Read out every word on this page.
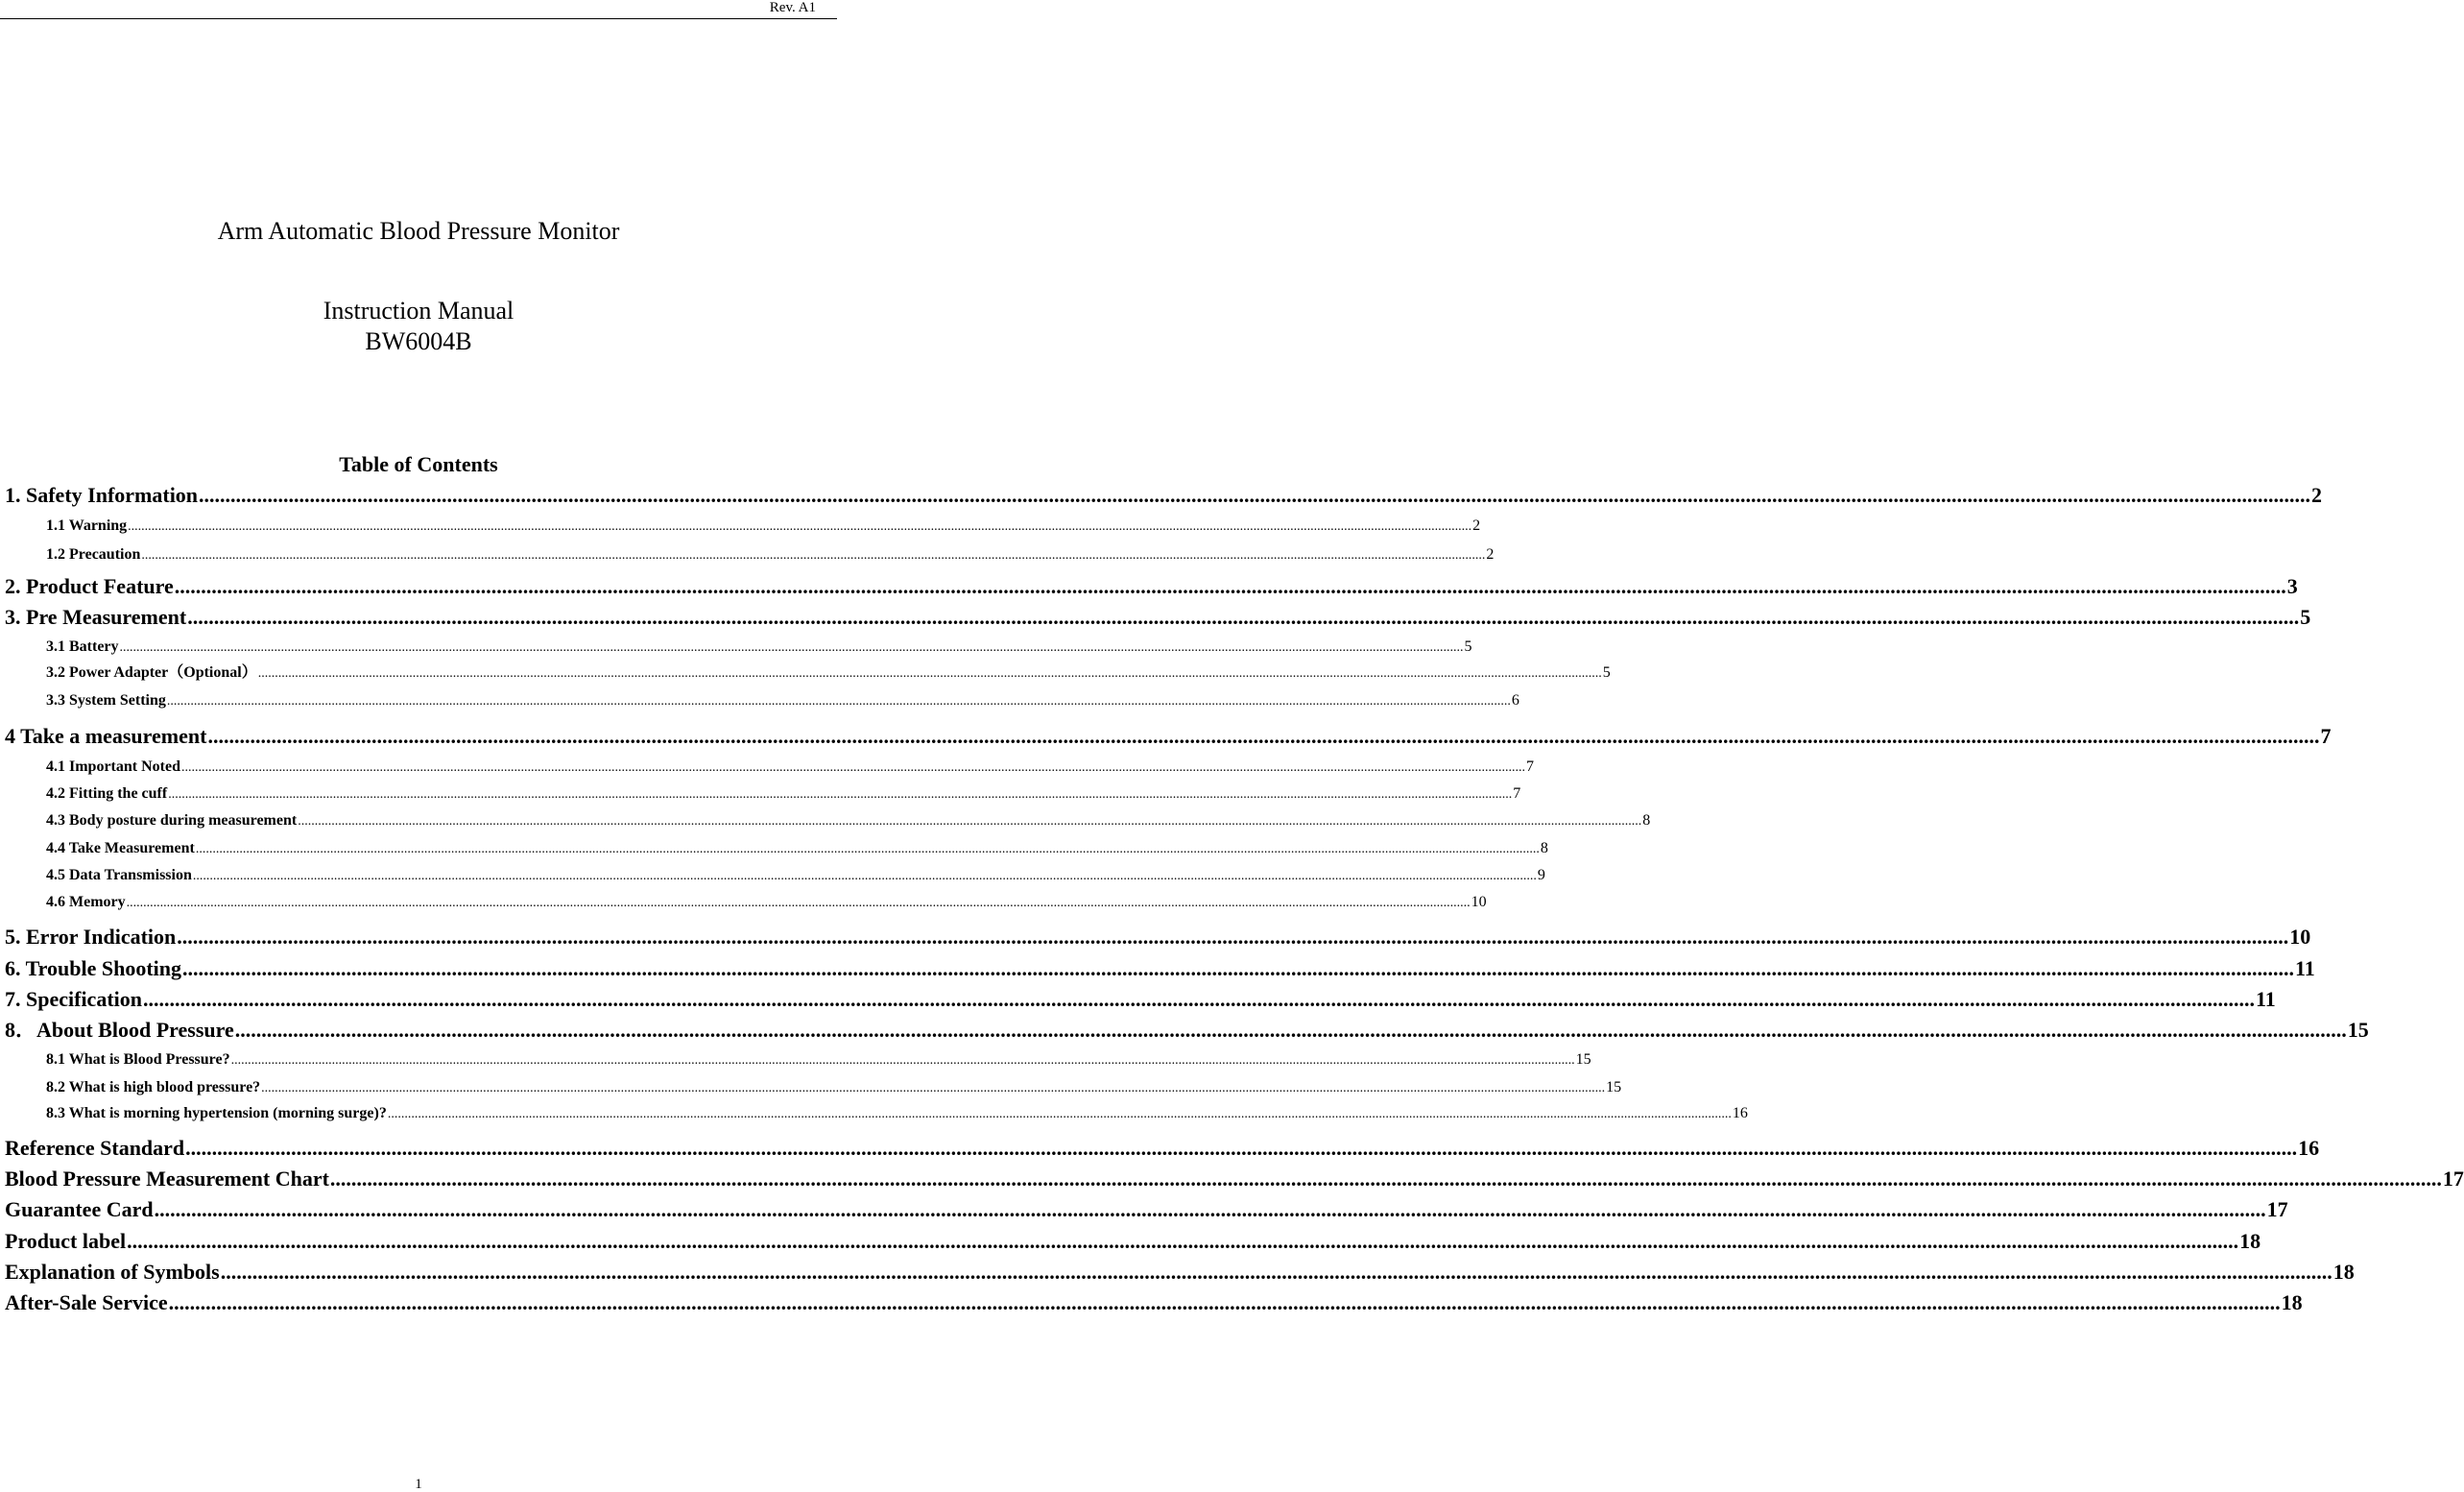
Rev. A1
Arm Automatic Blood Pressure Monitor
Instruction Manual
BW6004B
Table of Contents
1. Safety Information ................................................................................................................................................................................................................................................................................................................................................................................................................ 2
1.1 Warning ................................................................................................................................................................................................................................................................................................................................................................................................................ 2
1.2 Precaution ................................................................................................................................................................................................................................................................................................................................................................................................................ 2
2. Product Feature ................................................................................................................................................................................................................................................................................................................................................................................................................ 3
3. Pre Measurement ................................................................................................................................................................................................................................................................................................................................................................................................................ 5
3.1 Battery ................................................................................................................................................................................................................................................................................................................................................................................................................ 5
3.2 Power Adapter（Optional） ................................................................................................................................................................................................................................................................................................................................................................................................................ 5
3.3 System Setting ................................................................................................................................................................................................................................................................................................................................................................................................................ 6
4 Take a measurement ................................................................................................................................................................................................................................................................................................................................................................................................................ 7
4.1 Important Noted ................................................................................................................................................................................................................................................................................................................................................................................................................ 7
4.2 Fitting the cuff ................................................................................................................................................................................................................................................................................................................................................................................................................ 7
4.3 Body posture during measurement ................................................................................................................................................................................................................................................................................................................................................................................................................ 8
4.4 Take Measurement ................................................................................................................................................................................................................................................................................................................................................................................................................ 8
4.5 Data Transmission ................................................................................................................................................................................................................................................................................................................................................................................................................ 9
4.6 Memory ................................................................................................................................................................................................................................................................................................................................................................................................................ 10
5. Error Indication ................................................................................................................................................................................................................................................................................................................................................................................................................ 10
6. Trouble Shooting ................................................................................................................................................................................................................................................................................................................................................................................................................ 11
7. Specification ................................................................................................................................................................................................................................................................................................................................................................................................................ 11
8．About Blood Pressure ................................................................................................................................................................................................................................................................................................................................................................................................................ 15
8.1 What is Blood Pressure? ................................................................................................................................................................................................................................................................................................................................................................................................................ 15
8.2 What is high blood pressure? ................................................................................................................................................................................................................................................................................................................................................................................................................ 15
8.3 What is morning hypertension (morning surge)? ................................................................................................................................................................................................................................................................................................................................................................................................................ 16
Reference Standard ................................................................................................................................................................................................................................................................................................................................................................................................................ 16
Blood Pressure Measurement Chart ................................................................................................................................................................................................................................................................................................................................................................................................................ 17
Guarantee Card ................................................................................................................................................................................................................................................................................................................................................................................................................ 17
Product label ................................................................................................................................................................................................................................................................................................................................................................................................................ 18
Explanation of Symbols ................................................................................................................................................................................................................................................................................................................................................................................................................ 18
After-Sale Service ................................................................................................................................................................................................................................................................................................................................................................................................................ 18
1
